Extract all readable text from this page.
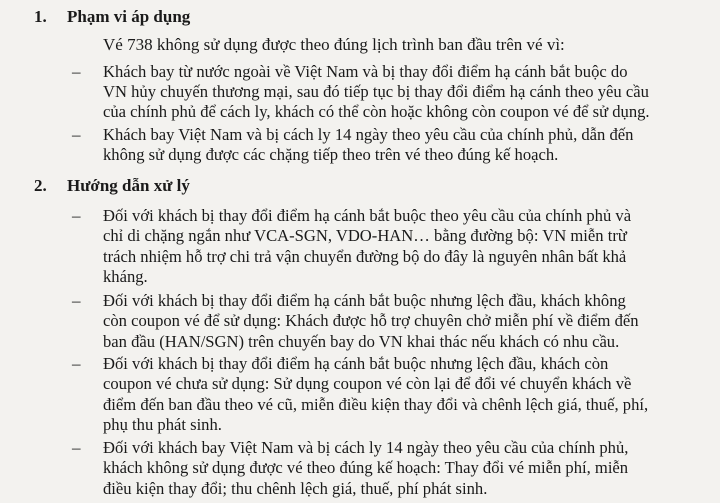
1. Phạm vi áp dụng
Vé 738 không sử dụng được theo đúng lịch trình ban đầu trên vé vì:
– Khách bay từ nước ngoài về Việt Nam và bị thay đổi điểm hạ cánh bắt buộc do
VN hủy chuyến thương mại, sau đó tiếp tục bị thay đổi điểm hạ cánh theo yêu cầu
của chính phủ để cách ly, khách có thể còn hoặc không còn coupon vé để sử dụng.
– Khách bay Việt Nam và bị cách ly 14 ngày theo yêu cầu của chính phủ, dẫn đến
không sử dụng được các chặng tiếp theo trên vé theo đúng kế hoạch.
2. Hướng dẫn xử lý
– Đối với khách bị thay đổi điểm hạ cánh bắt buộc theo yêu cầu của chính phủ và
chỉ di chặng ngắn như VCA-SGN, VDO-HAN… bằng đường bộ: VN miễn trừ
trách nhiệm hỗ trợ chi trả vận chuyển đường bộ do đây là nguyên nhân bất khả
kháng.
– Đối với khách bị thay đổi điểm hạ cánh bắt buộc nhưng lệch đầu, khách không
còn coupon vé để sử dụng: Khách được hỗ trợ chuyên chở miễn phí về điểm đến
ban đầu (HAN/SGN) trên chuyến bay do VN khai thác nếu khách có nhu cầu.
– Đối với khách bị thay đổi điểm hạ cánh bắt buộc nhưng lệch đầu, khách còn
coupon vé chưa sử dụng: Sử dụng coupon vé còn lại để đổi vé chuyển khách về
điểm đến ban đầu theo vé cũ, miễn điều kiện thay đổi và chênh lệch giá, thuế, phí,
phụ thu phát sinh.
– Đối với khách bay Việt Nam và bị cách ly 14 ngày theo yêu cầu của chính phủ,
khách không sử dụng được vé theo đúng kế hoạch: Thay đổi vé miễn phí, miễn
điều kiện thay đổi; thu chênh lệch giá, thuế, phí phát sinh.
